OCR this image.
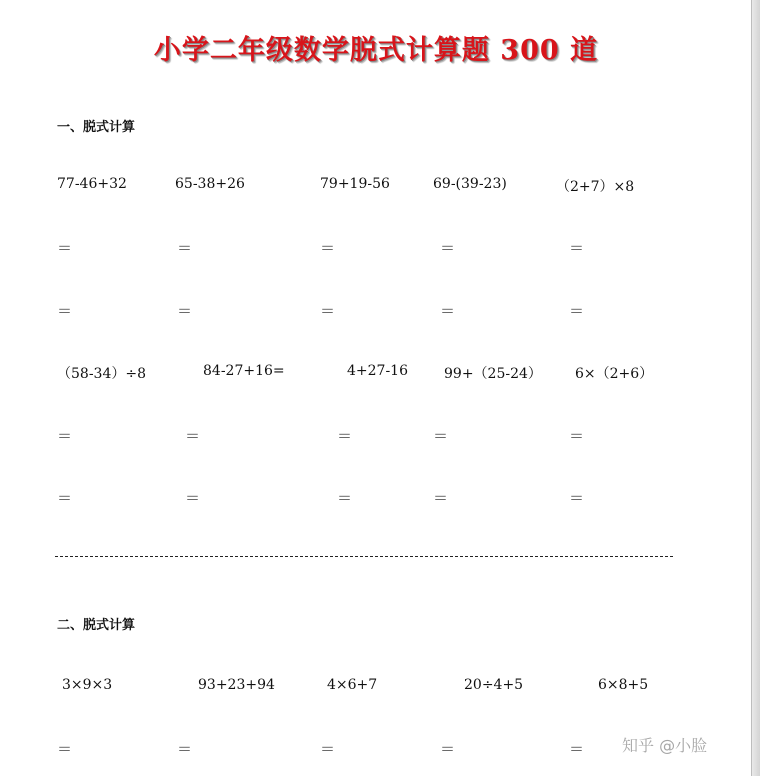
小学二年级数学脱式计算题 300 道

一、脱式计算

77-46+32	65-38+26	79+19-56	69-(39-23)	（2+7）×8
＝	＝	＝	＝	＝
＝	＝	＝	＝	＝
（58-34）÷8	84-27+16=	4+27-16	99+（25-24） 6×（2+6）
＝	＝	＝	＝	＝
＝	＝	＝	＝	＝

二、脱式计算

3×9×3	93+23+94	4×6+7	20÷4+5	6×8+5
＝	＝	＝	＝	＝ 知乎 @小脸
